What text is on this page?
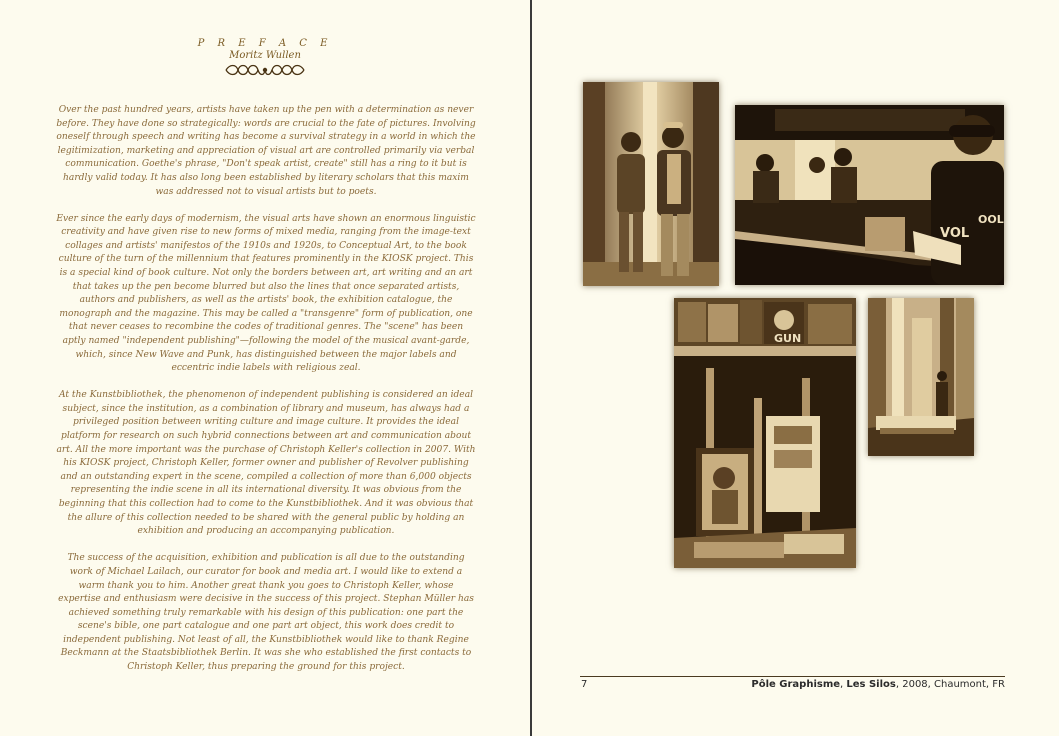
P R E F A C E
Moritz Wullen

Over the past hundred years, artists have taken up the pen with a determination as never before. They have done so strategically: words are crucial to the fate of pictures. Involving oneself through speech and writing has become a survival strategy in a world in which the legitimization, marketing and appreciation of visual art are controlled primarily via verbal communication. Goethe's phrase, "Don't speak artist, create" still has a ring to it but is hardly valid today. It has also long been established by literary scholars that this maxim was addressed not to visual artists but to poets.

Ever since the early days of modernism, the visual arts have shown an enormous linguistic creativity and have given rise to new forms of mixed media, ranging from the image-text collages and artists' manifestos of the 1910s and 1920s, to Conceptual Art, to the book culture of the turn of the millennium that features prominently in the KIOSK project. This is a special kind of book culture. Not only the borders between art, art writing and an art that takes up the pen become blurred but also the lines that once separated artists, authors and publishers, as well as the artists' book, the exhibition catalogue, the monograph and the magazine. This may be called a "transgenre" form of publication, one that never ceases to recombine the codes of traditional genres. The "scene" has been aptly named "independent publishing"—following the model of the musical avant-garde, which, since New Wave and Punk, has distinguished between the major labels and eccentric indie labels with religious zeal.

At the Kunstbibliothek, the phenomenon of independent publishing is considered an ideal subject, since the institution, as a combination of library and museum, has always had a privileged position between writing culture and image culture. It provides the ideal platform for research on such hybrid connections between art and communication about art. All the more important was the purchase of Christoph Keller's collection in 2007. With his KIOSK project, Christoph Keller, former owner and publisher of Revolver publishing and an outstanding expert in the scene, compiled a collection of more than 6,000 objects representing the indie scene in all its international diversity. It was obvious from the beginning that this collection had to come to the Kunstbibliothek. And it was obvious that the allure of this collection needed to be shared with the general public by holding an exhibition and producing an accompanying publication.

The success of the acquisition, exhibition and publication is all due to the outstanding work of Michael Lailach, our curator for book and media art. I would like to extend a warm thank you to him. Another great thank you goes to Christoph Keller, whose expertise and enthusiasm were decisive in the success of this project. Stephan Müller has achieved something truly remarkable with his design of this publication: one part the scene's bible, one part catalogue and one part art object, this work does credit to independent publishing. Not least of all, the Kunstbibliothek would like to thank Regine Beckmann at the Staatsbibliothek Berlin. It was she who established the first contacts to Christoph Keller, thus preparing the ground for this project.

VOL
OOL
GUN
7	Pôle Graphisme, Les Silos, 2008, Chaumont, FR
